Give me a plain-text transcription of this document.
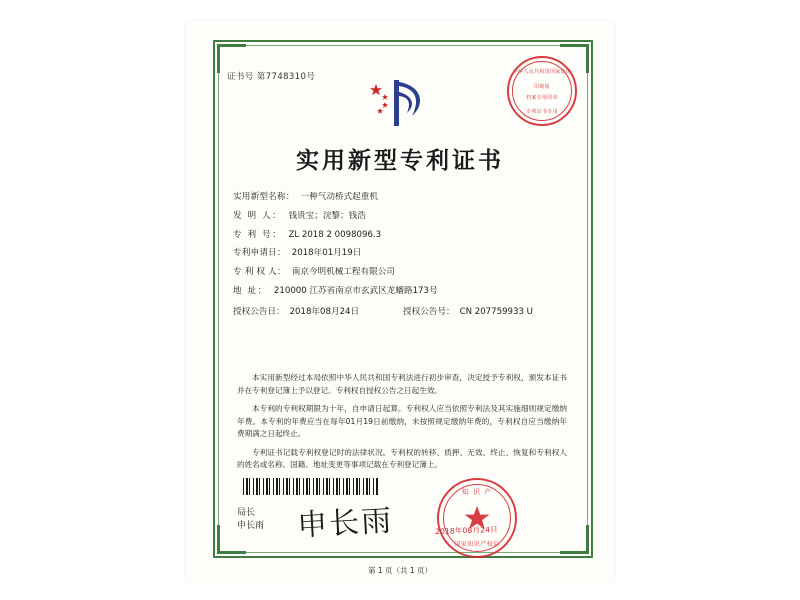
证书号 第7748310号
实用新型专利证书
实用新型名称： 一种气动桥式起重机
发 明 人： 钱贵宝；浣黎；钱浩
专 利 号： ZL 2018 2 0098096.3
专利申请日： 2018年01月19日
专 利 权 人： 南京今明机械工程有限公司
地 址： 210000 江苏省南京市玄武区龙蟠路173号
授权公告日： 2018年08月24日	授权公告号： CN 207759933 U

本实用新型经过本局依照中华人民共和国专利法进行初步审查，决定授予专利权，颁发本证书并在专利登记簿上予以登记。专利权自授权公告之日起生效。

本专利的专利权期限为十年，自申请日起算。专利权人应当依照专利法及其实施细则规定缴纳年费。本专利的年费应当在每年01月19日前缴纳，未按照规定缴纳年费的，专利权自应当缴纳年费期满之日起终止。

专利证书记载专利权登记时的法律状况。专利权的转移、质押、无效、终止、恢复和专利权人的姓名或名称、国籍、地址变更等事项记载在专利登记簿上。

局长
申长雨 申长雨
中华人民共和国国家知识
印制版
档案专用印章
专利证书专用
知 识 产
国家知识产权局
2018年08月24日
第 1 页（共 1 页）
